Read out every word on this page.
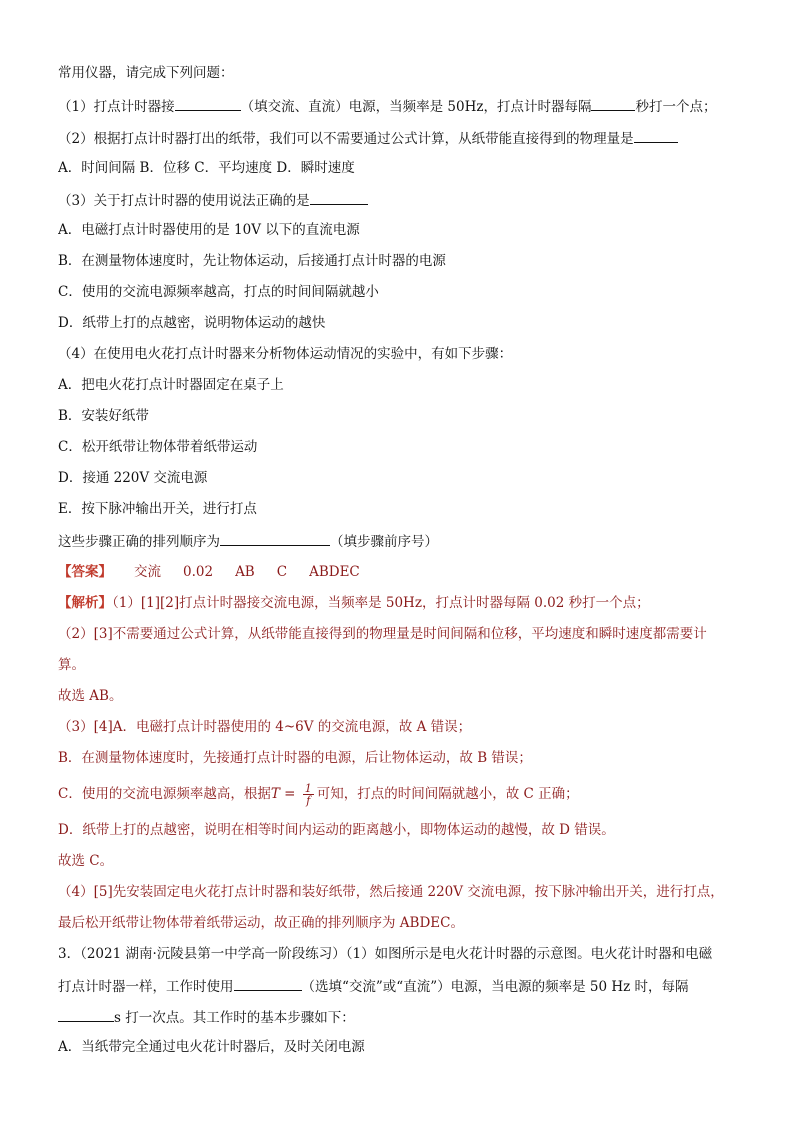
常用仪器，请完成下列问题：
（1）打点计时器接	（填交流、直流）电源，当频率是 50Hz，打点计时器每隔	秒打一个点；
（2）根据打点计时器打出的纸带，我们可以不需要通过公式计算，从纸带能直接得到的物理量是
A．时间间隔 B．位移 C．平均速度 D．瞬时速度
（3）关于打点计时器的使用说法正确的是
A．电磁打点计时器使用的是 10V 以下的直流电源
B．在测量物体速度时，先让物体运动，后接通打点计时器的电源
C．使用的交流电源频率越高，打点的时间间隔就越小
D．纸带上打的点越密，说明物体运动的越快
（4）在使用电火花打点计时器来分析物体运动情况的实验中，有如下步骤：
A．把电火花打点计时器固定在桌子上
B．安装好纸带
C．松开纸带让物体带着纸带运动
D．接通 220V 交流电源
E．按下脉冲输出开关，进行打点
这些步骤正确的排列顺序为	（填步骤前序号）
【答案】 交流 0.02 AB C ABDEC
【解析】（1）[1][2]打点计时器接交流电源，当频率是 50Hz，打点计时器每隔 0.02 秒打一个点；
（2）[3]不需要通过公式计算，从纸带能直接得到的物理量是时间间隔和位移，平均速度和瞬时速度都需要计
算。
故选 AB。
（3）[4]A．电磁打点计时器使用的 4~6V 的交流电源，故 A 错误；
B．在测量物体速度时，先接通打点计时器的电源，后让物体运动，故 B 错误；
C．使用的交流电源频率越高，根据$T = \frac{1}{f}$ 可知，打点的时间间隔就越小，故 C 正确；
D．纸带上打的点越密，说明在相等时间内运动的距离越小，即物体运动的越慢，故 D 错误。
故选 C。
（4）[5]先安装固定电火花打点计时器和装好纸带，然后接通 220V 交流电源，按下脉冲输出开关，进行打点，
最后松开纸带让物体带着纸带运动，故正确的排列顺序为 ABDEC。
3．（2021 湖南·沅陵县第一中学高一阶段练习）（1）如图所示是电火花计时器的示意图。电火花计时器和电磁
打点计时器一样，工作时使用	（选填“交流”或“直流”）电源，当电源的频率是 50 Hz 时，每隔
s 打一次点。其工作时的基本步骤如下：
A．当纸带完全通过电火花计时器后，及时关闭电源
